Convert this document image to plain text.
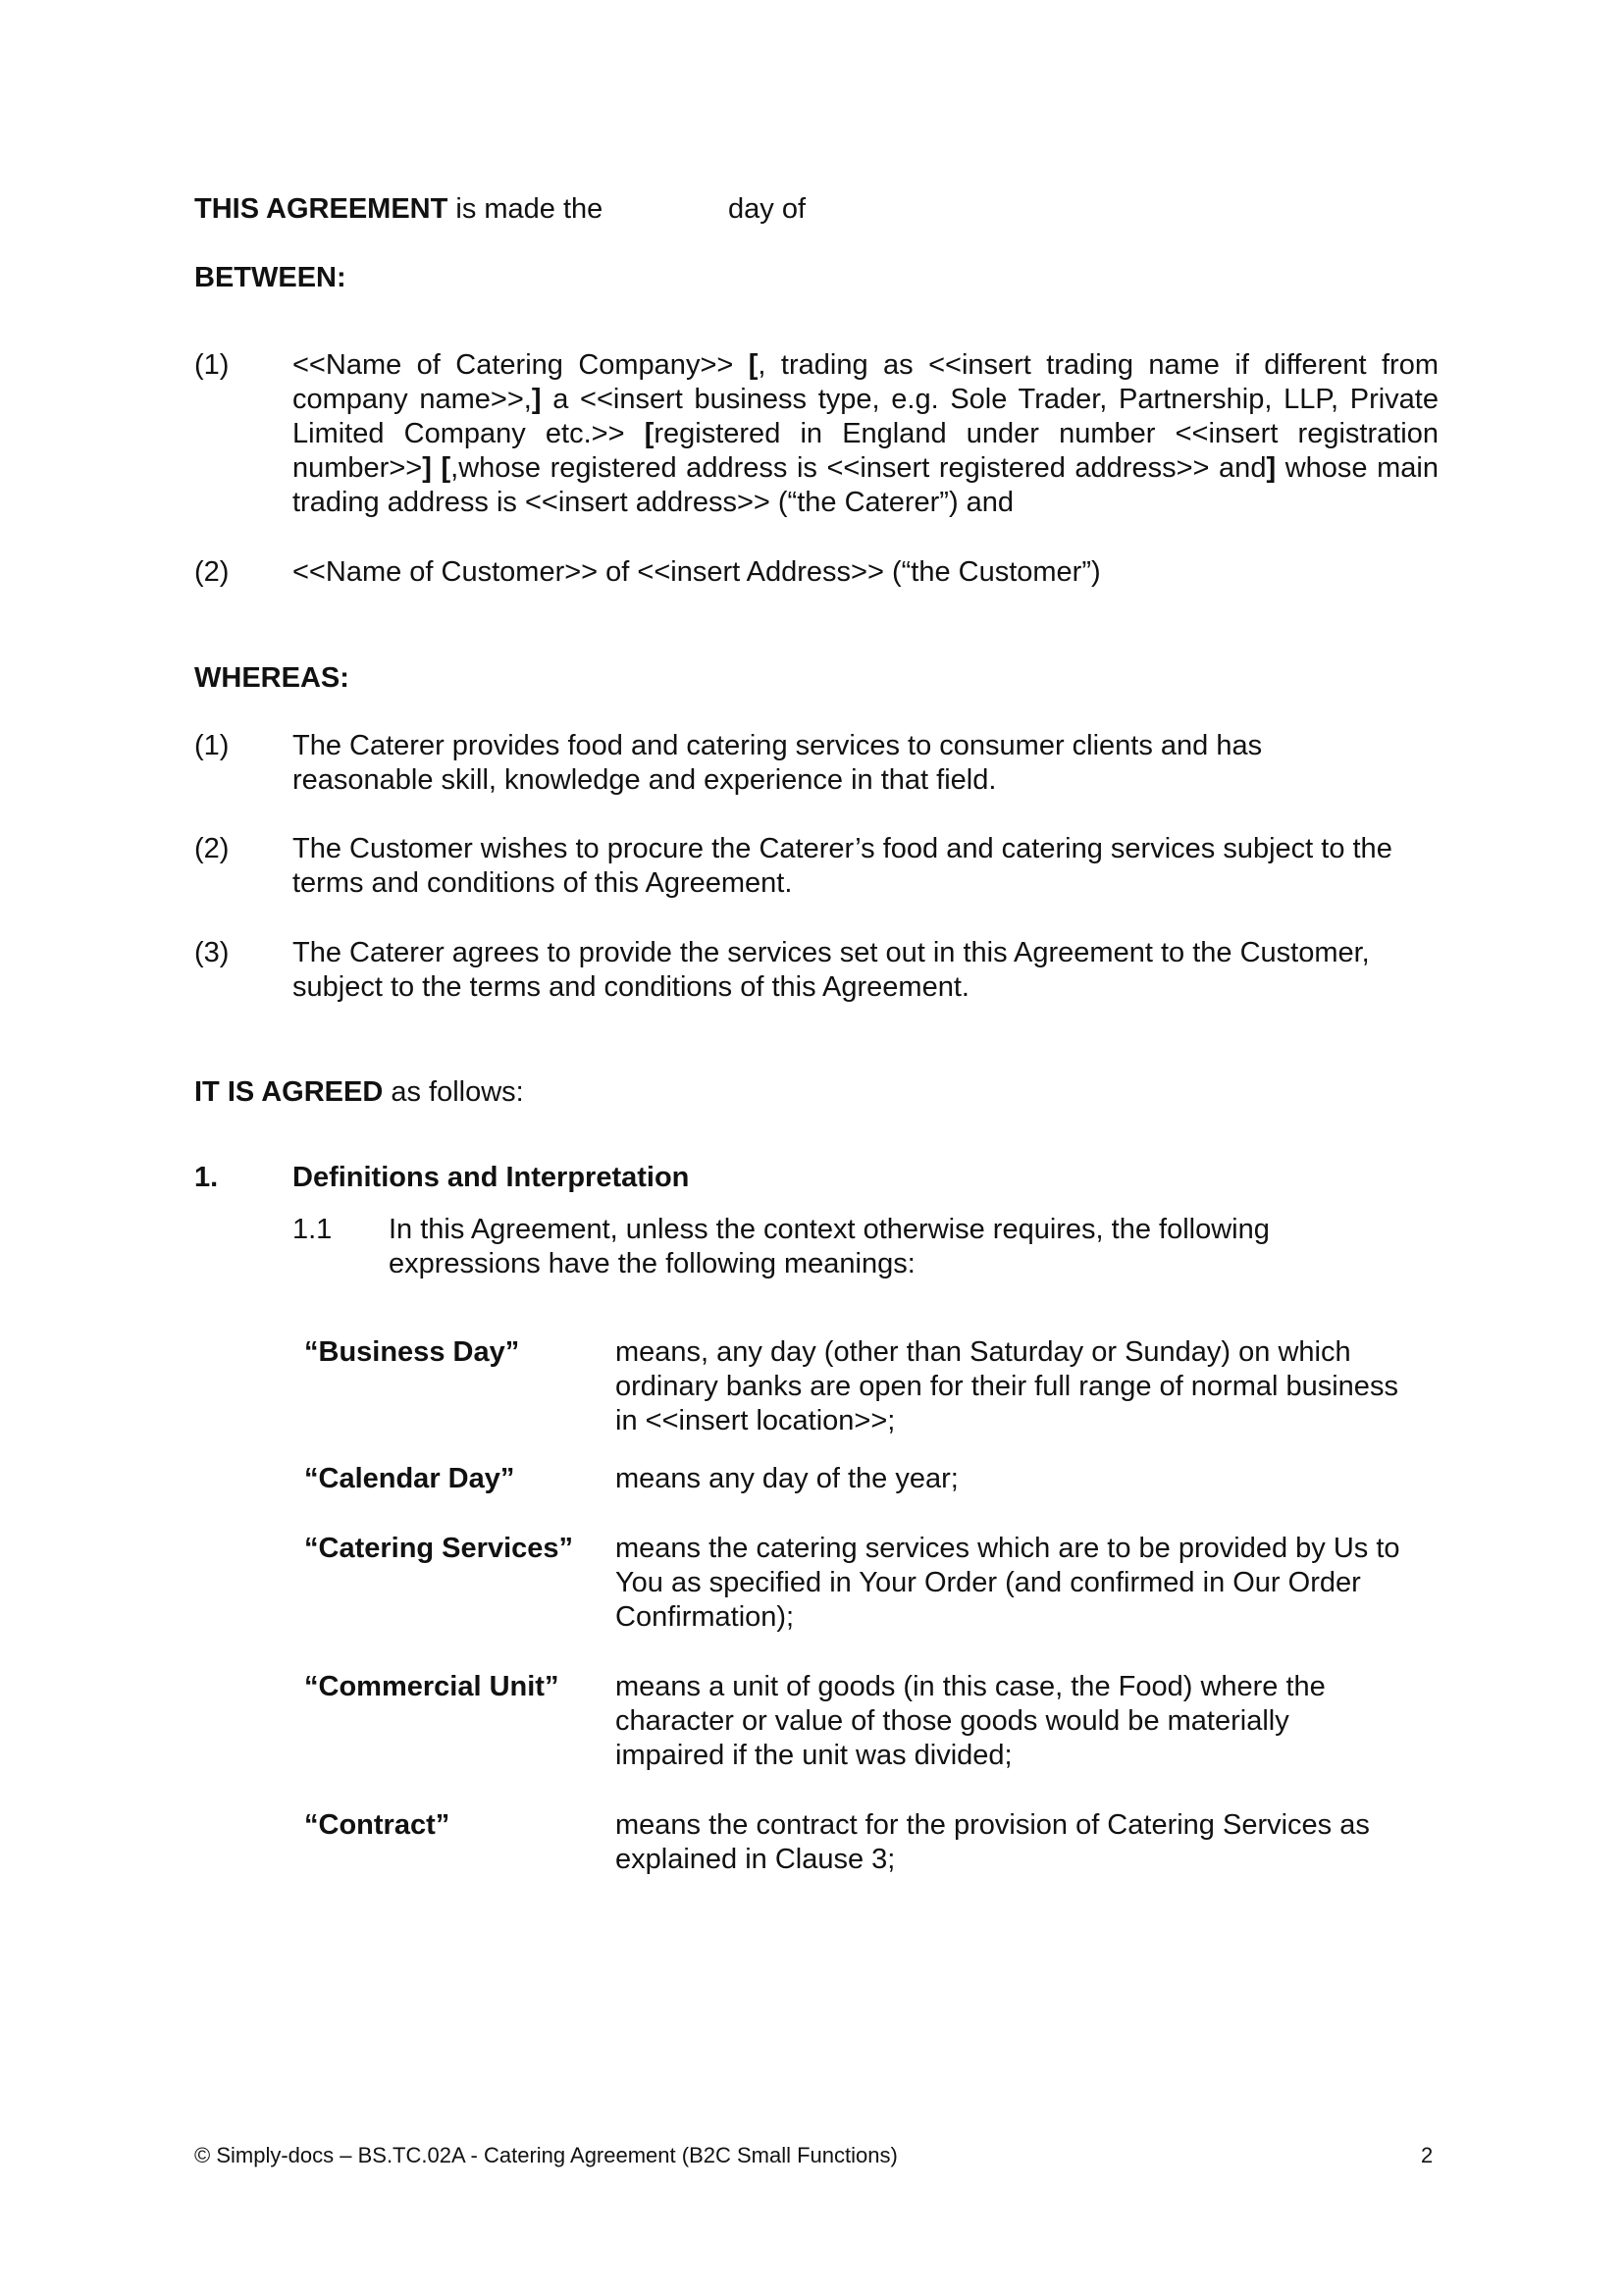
THIS AGREEMENT is made the	day of
BETWEEN:
(1) <<Name of Catering Company>> [, trading as <<insert trading name if different from company name>>,] a <<insert business type, e.g. Sole Trader, Partnership, LLP, Private Limited Company etc.>> [registered in England under number <<insert registration number>>] [,whose registered address is <<insert registered address>> and] whose main trading address is <<insert address>> (“the Caterer”) and
(2) <<Name of Customer>> of <<insert Address>> (“the Customer”)
WHEREAS:
(1) The Caterer provides food and catering services to consumer clients and has reasonable skill, knowledge and experience in that field.
(2) The Customer wishes to procure the Caterer’s food and catering services subject to the terms and conditions of this Agreement.
(3) The Caterer agrees to provide the services set out in this Agreement to the Customer, subject to the terms and conditions of this Agreement.
IT IS AGREED as follows:
1.	Definitions and Interpretation
1.1 In this Agreement, unless the context otherwise requires, the following expressions have the following meanings:
“Business Day”	means, any day (other than Saturday or Sunday) on which ordinary banks are open for their full range of normal business in <<insert location>>;
“Calendar Day”	means any day of the year;
“Catering Services” means the catering services which are to be provided by Us to You as specified in Your Order (and confirmed in Our Order Confirmation);
“Commercial Unit” means a unit of goods (in this case, the Food) where the character or value of those goods would be materially impaired if the unit was divided;
“Contract”	means the contract for the provision of Catering Services as explained in Clause 3;
© Simply-docs – BS.TC.02A - Catering Agreement (B2C Small Functions)	2
